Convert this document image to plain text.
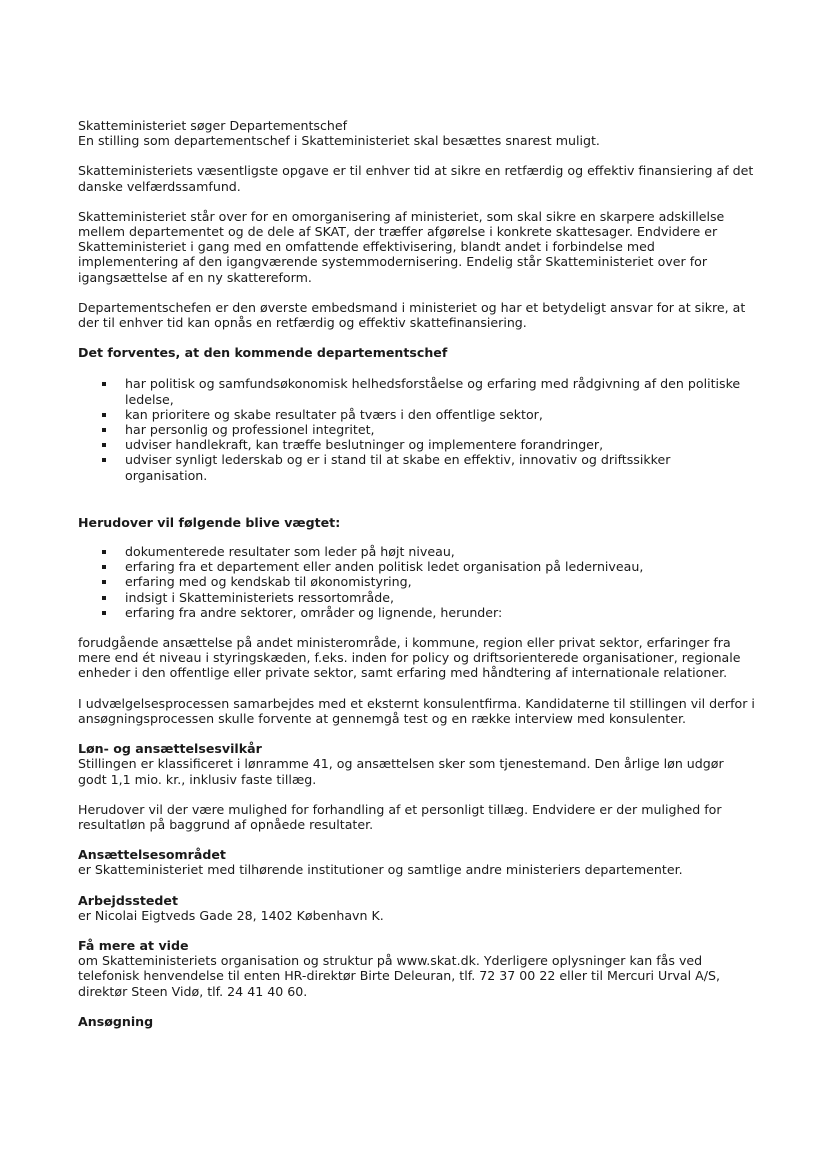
Skatteministeriet søger Departementschef

En stilling som departementschef i Skatteministeriet skal besættes snarest muligt.

Skatteministeriets væsentligste opgave er til enhver tid at sikre en retfærdig og effektiv finansiering af det danske velfærdssamfund.

Skatteministeriet står over for en omorganisering af ministeriet, som skal sikre en skarpere adskillelse mellem departementet og de dele af SKAT, der træffer afgørelse i konkrete skattesager. Endvidere er Skatteministeriet i gang med en omfattende effektivisering, blandt andet i forbindelse med implementering af den igangværende systemmodernisering. Endelig står Skatteministeriet over for igangsættelse af en ny skattereform.

Departementschefen er den øverste embedsmand i ministeriet og har et betydeligt ansvar for at sikre, at der til enhver tid kan opnås en retfærdig og effektiv skattefinansiering.

Det forventes, at den kommende departementschef

har politisk og samfundsøkonomisk helhedsforståelse og erfaring med rådgivning af den politiske ledelse,
kan prioritere og skabe resultater på tværs i den offentlige sektor,
har personlig og professionel integritet,
udviser handlekraft, kan træffe beslutninger og implementere forandringer,
udviser synligt lederskab og er i stand til at skabe en effektiv, innovativ og driftssikker organisation.

Herudover vil følgende blive vægtet:

dokumenterede resultater som leder på højt niveau,
erfaring fra et departement eller anden politisk ledet organisation på lederniveau,
erfaring med og kendskab til økonomistyring,
indsigt i Skatteministeriets ressortområde,
erfaring fra andre sektorer, områder og lignende, herunder:

forudgående ansættelse på andet ministerområde, i kommune, region eller privat sektor, erfaringer fra mere end ét niveau i styringskæden, f.eks. inden for policy og driftsorienterede organisationer, regionale enheder i den offentlige eller private sektor, samt erfaring med håndtering af internationale relationer.

I udvælgelsesprocessen samarbejdes med et eksternt konsulentfirma. Kandidaterne til stillingen vil derfor i ansøgningsprocessen skulle forvente at gennemgå test og en række interview med konsulenter.

Løn- og ansættelsesvilkår

Stillingen er klassificeret i lønramme 41, og ansættelsen sker som tjenestemand. Den årlige løn udgør godt 1,1 mio. kr., inklusiv faste tillæg.

Herudover vil der være mulighed for forhandling af et personligt tillæg. Endvidere er der mulighed for resultatløn på baggrund af opnåede resultater.

Ansættelsesområdet

er Skatteministeriet med tilhørende institutioner og samtlige andre ministeriers departementer.

Arbejdsstedet

er Nicolai Eigtveds Gade 28, 1402 København K.

Få mere at vide

om Skatteministeriets organisation og struktur på www.skat.dk. Yderligere oplysninger kan fås ved telefonisk henvendelse til enten HR-direktør Birte Deleuran, tlf. 72 37 00 22 eller til Mercuri Urval A/S, direktør Steen Vidø, tlf. 24 41 40 60.

Ansøgning
